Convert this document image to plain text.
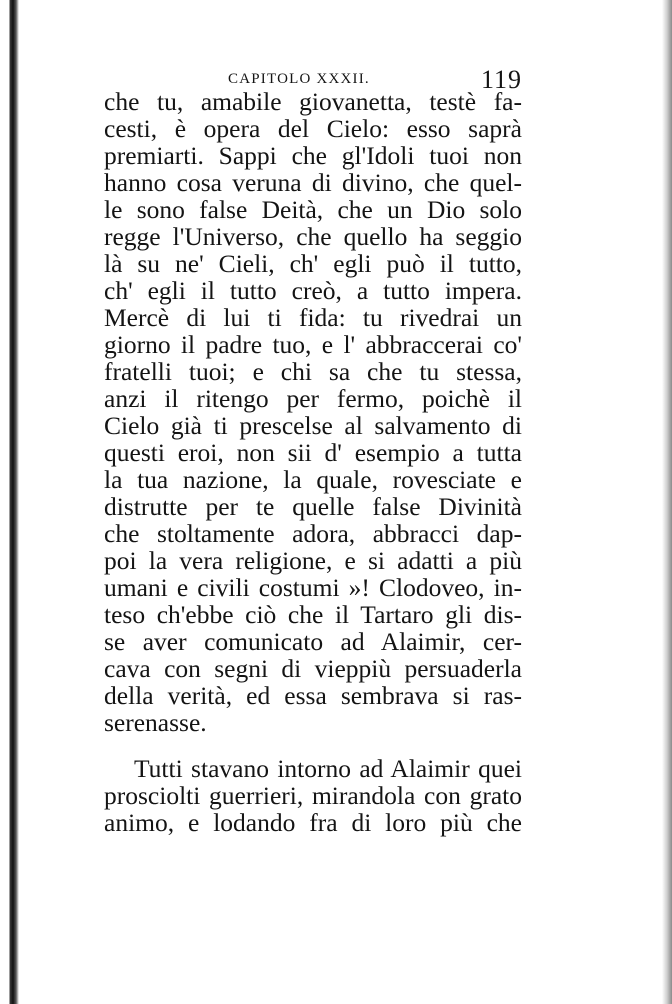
CAPITOLO XXXII.	119
che tu, amabile giovanetta, testè fa-
cesti, è opera del Cielo: esso saprà
premiarti. Sappi che gl'Idoli tuoi non
hanno cosa veruna di divino, che quel-
le sono false Deità, che un Dio solo
regge l'Universo, che quello ha seggio
là su ne' Cieli, ch' egli può il tutto,
ch' egli il tutto creò, a tutto impera.
Mercè di lui ti fida: tu rivedrai un
giorno il padre tuo, e l' abbraccerai co'
fratelli tuoi; e chi sa che tu stessa,
anzi il ritengo per fermo, poichè il
Cielo già ti prescelse al salvamento di
questi eroi, non sii d' esempio a tutta
la tua nazione, la quale, rovesciate e
distrutte per te quelle false Divinità
che stoltamente adora, abbracci dap-
poi la vera religione, e si adatti a più
umani e civili costumi »! Clodoveo, in-
teso ch'ebbe ciò che il Tartaro gli dis-
se aver comunicato ad Alaimir, cer-
cava con segni di vieppiù persuaderla
della verità, ed essa sembrava si ras-
serenasse.
Tutti stavano intorno ad Alaimir quei
prosciolti guerrieri, mirandola con grato
animo, e lodando fra di loro più che
